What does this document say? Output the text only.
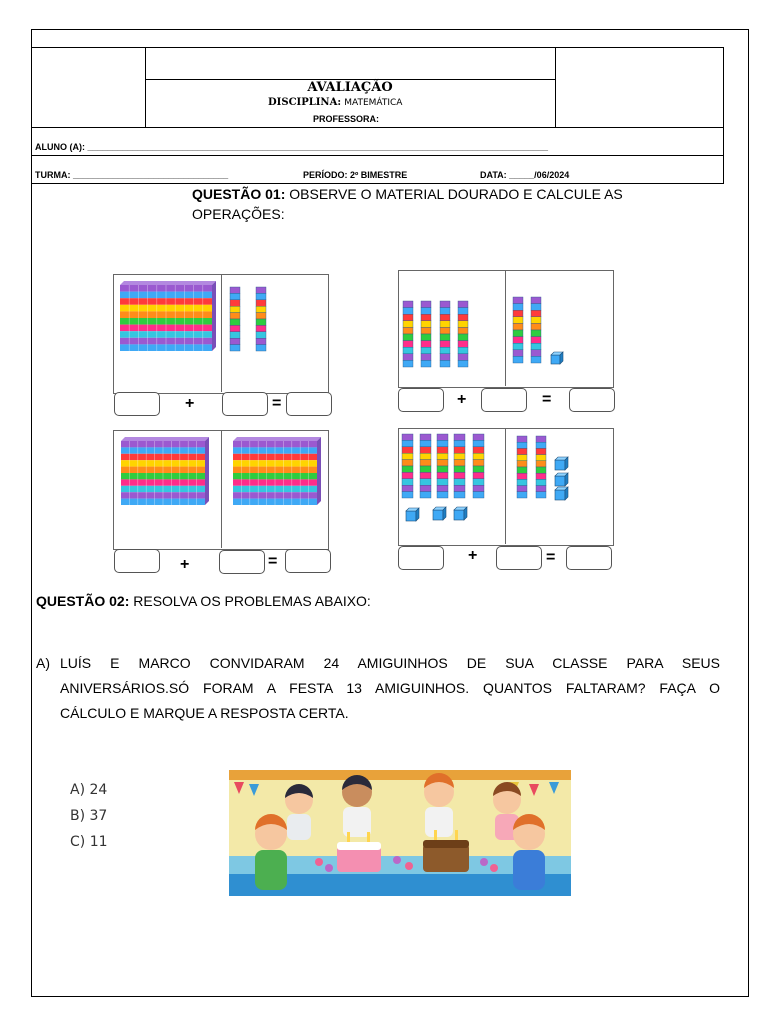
AVALIAÇÃO
DISCIPLINA: MATEMÁTICA
PROFESSORA:
ALUNO (A): ____________________________________________________________________________________________
TURMA: _______________________________	PERÍODO: 2º BIMESTRE	DATA: _____/06/2024
QUESTÃO 01: OBSERVE O MATERIAL DOURADO E CALCULE AS
OPERAÇÕES:
+	=	+	=
+	=	+	=
QUESTÃO 02: RESOLVA OS PROBLEMAS ABAIXO:
A) LUÍS E MARCO CONVIDARAM 24 AMIGUINHOS DE SUA CLASSE PARA SEUS
ANIVERSÁRIOS.SÓ FORAM A FESTA 13 AMIGUINHOS. QUANTOS FALTARAM? FAÇA O
CÁLCULO E MARQUE A RESPOSTA CERTA.
A) 24
B) 37
C) 11
